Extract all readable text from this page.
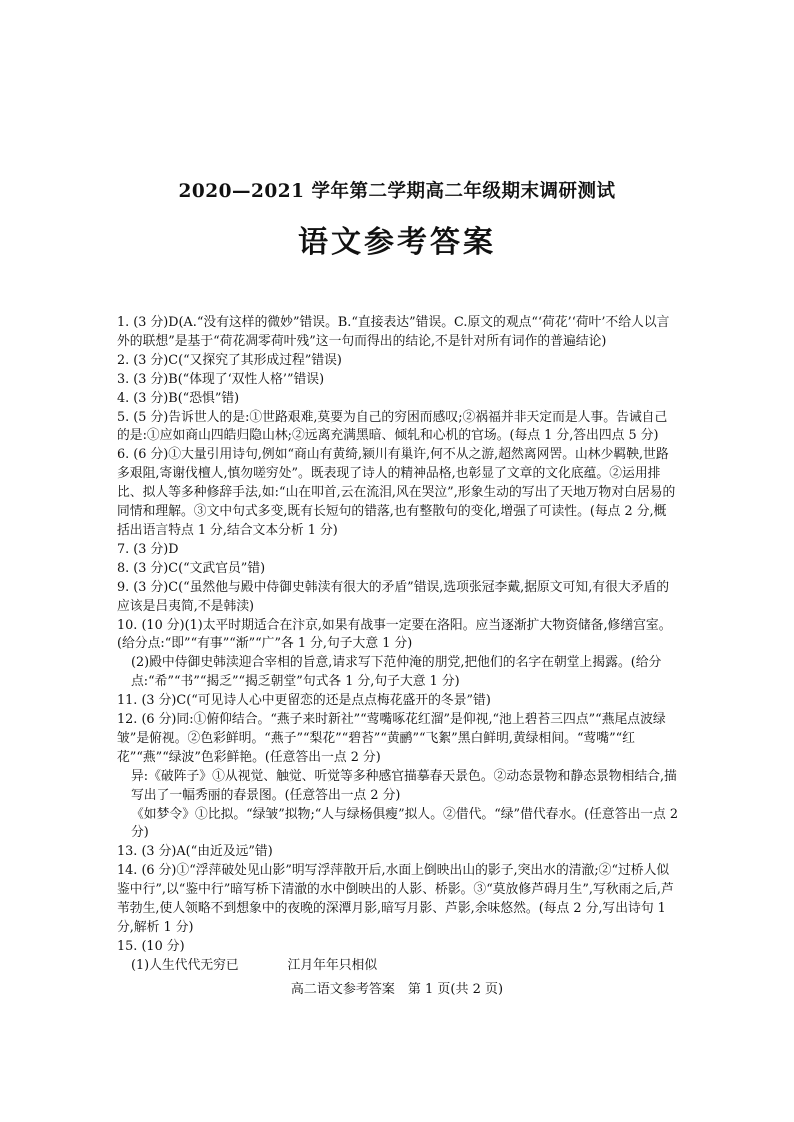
2020—2021 学年第二学期高二年级期末调研测试
语文参考答案
1. (3 分)D(A.“没有这样的微妙”错误。B.“直接表达”错误。C.原文的观点“‘荷花’‘荷叶’不给人以言外的联想”是基于“荷花凋零荷叶残”这一句而得出的结论,不是针对所有词作的普遍结论)
2. (3 分)C(“又探究了其形成过程”错误)
3. (3 分)B(“体现了‘双性人格’”错误)
4. (3 分)B(“恐惧”错)
5. (5 分)告诉世人的是:①世路艰难,莫要为自己的穷困而感叹;②祸福并非天定而是人事。告诫自己的是:①应如商山四皓归隐山林;②远离充满黑暗、倾轧和心机的官场。(每点 1 分,答出四点 5 分)
6. (6 分)①大量引用诗句,例如“商山有黄绮,颍川有巢许,何不从之游,超然离网罟。山林少羁鞅,世路多艰阻,寄谢伐檀人,慎勿嗟穷处”。既表现了诗人的精神品格,也彰显了文章的文化底蕴。②运用排比、拟人等多种修辞手法,如:“山在叩首,云在流泪,风在哭泣”,形象生动的写出了天地万物对白居易的同情和理解。③文中句式多变,既有长短句的错落,也有整散句的变化,增强了可读性。(每点 2 分,概括出语言特点 1 分,结合文本分析 1 分)
7. (3 分)D
8. (3 分)C(“文武官员”错)
9. (3 分)C(“虽然他与殿中侍御史韩渎有很大的矛盾”错误,选项张冠李戴,据原文可知,有很大矛盾的应该是吕夷简,不是韩渎)
10. (10 分)(1)太平时期适合在汴京,如果有战事一定要在洛阳。应当逐渐扩大物资储备,修缮宫室。(给分点:“即”“有事”“渐”“广”各 1 分,句子大意 1 分)
(2)殿中侍御史韩渎迎合宰相的旨意,请求写下范仲淹的朋党,把他们的名字在朝堂上揭露。(给分点:“希”“书”“揭乏”“揭乏朝堂”句式各 1 分,句子大意 1 分)
11. (3 分)C(“可见诗人心中更留恋的还是点点梅花盛开的冬景”错)
12. (6 分)同:①俯仰结合。“燕子来时新社”“莺嘴啄花红溜”是仰视,“池上碧苔三四点”“燕尾点波绿皱”是俯视。②色彩鲜明。“燕子”“梨花”“碧苔”“黄鹂”“飞絮”黑白鲜明,黄绿相间。“莺嘴”“红花”“燕”“绿波”色彩鲜艳。(任意答出一点 2 分)
异:《破阵子》①从视觉、触觉、听觉等多种感官描摹春天景色。②动态景物和静态景物相结合,描写出了一幅秀丽的春景图。(任意答出一点 2 分)
《如梦令》①比拟。“绿皱”拟物;“人与绿杨俱瘦”拟人。②借代。“绿”借代春水。(任意答出一点 2 分)
13. (3 分)A(“由近及远”错)
14. (6 分)①“浮萍破处见山影”明写浮萍散开后,水面上倒映出山的影子,突出水的清澈;②“过桥人似鉴中行”,以“鉴中行”暗写桥下清澈的水中倒映出的人影、桥影。③“莫放修芦碍月生”,写秋雨之后,芦苇勃生,使人领略不到想象中的夜晚的深潭月影,暗写月影、芦影,余味悠然。(每点 2 分,写出诗句 1 分,解析 1 分)
15. (10 分)
(1)人生代代无穷已	江月年年只相似
高二语文参考答案　第 1 页(共 2 页)
